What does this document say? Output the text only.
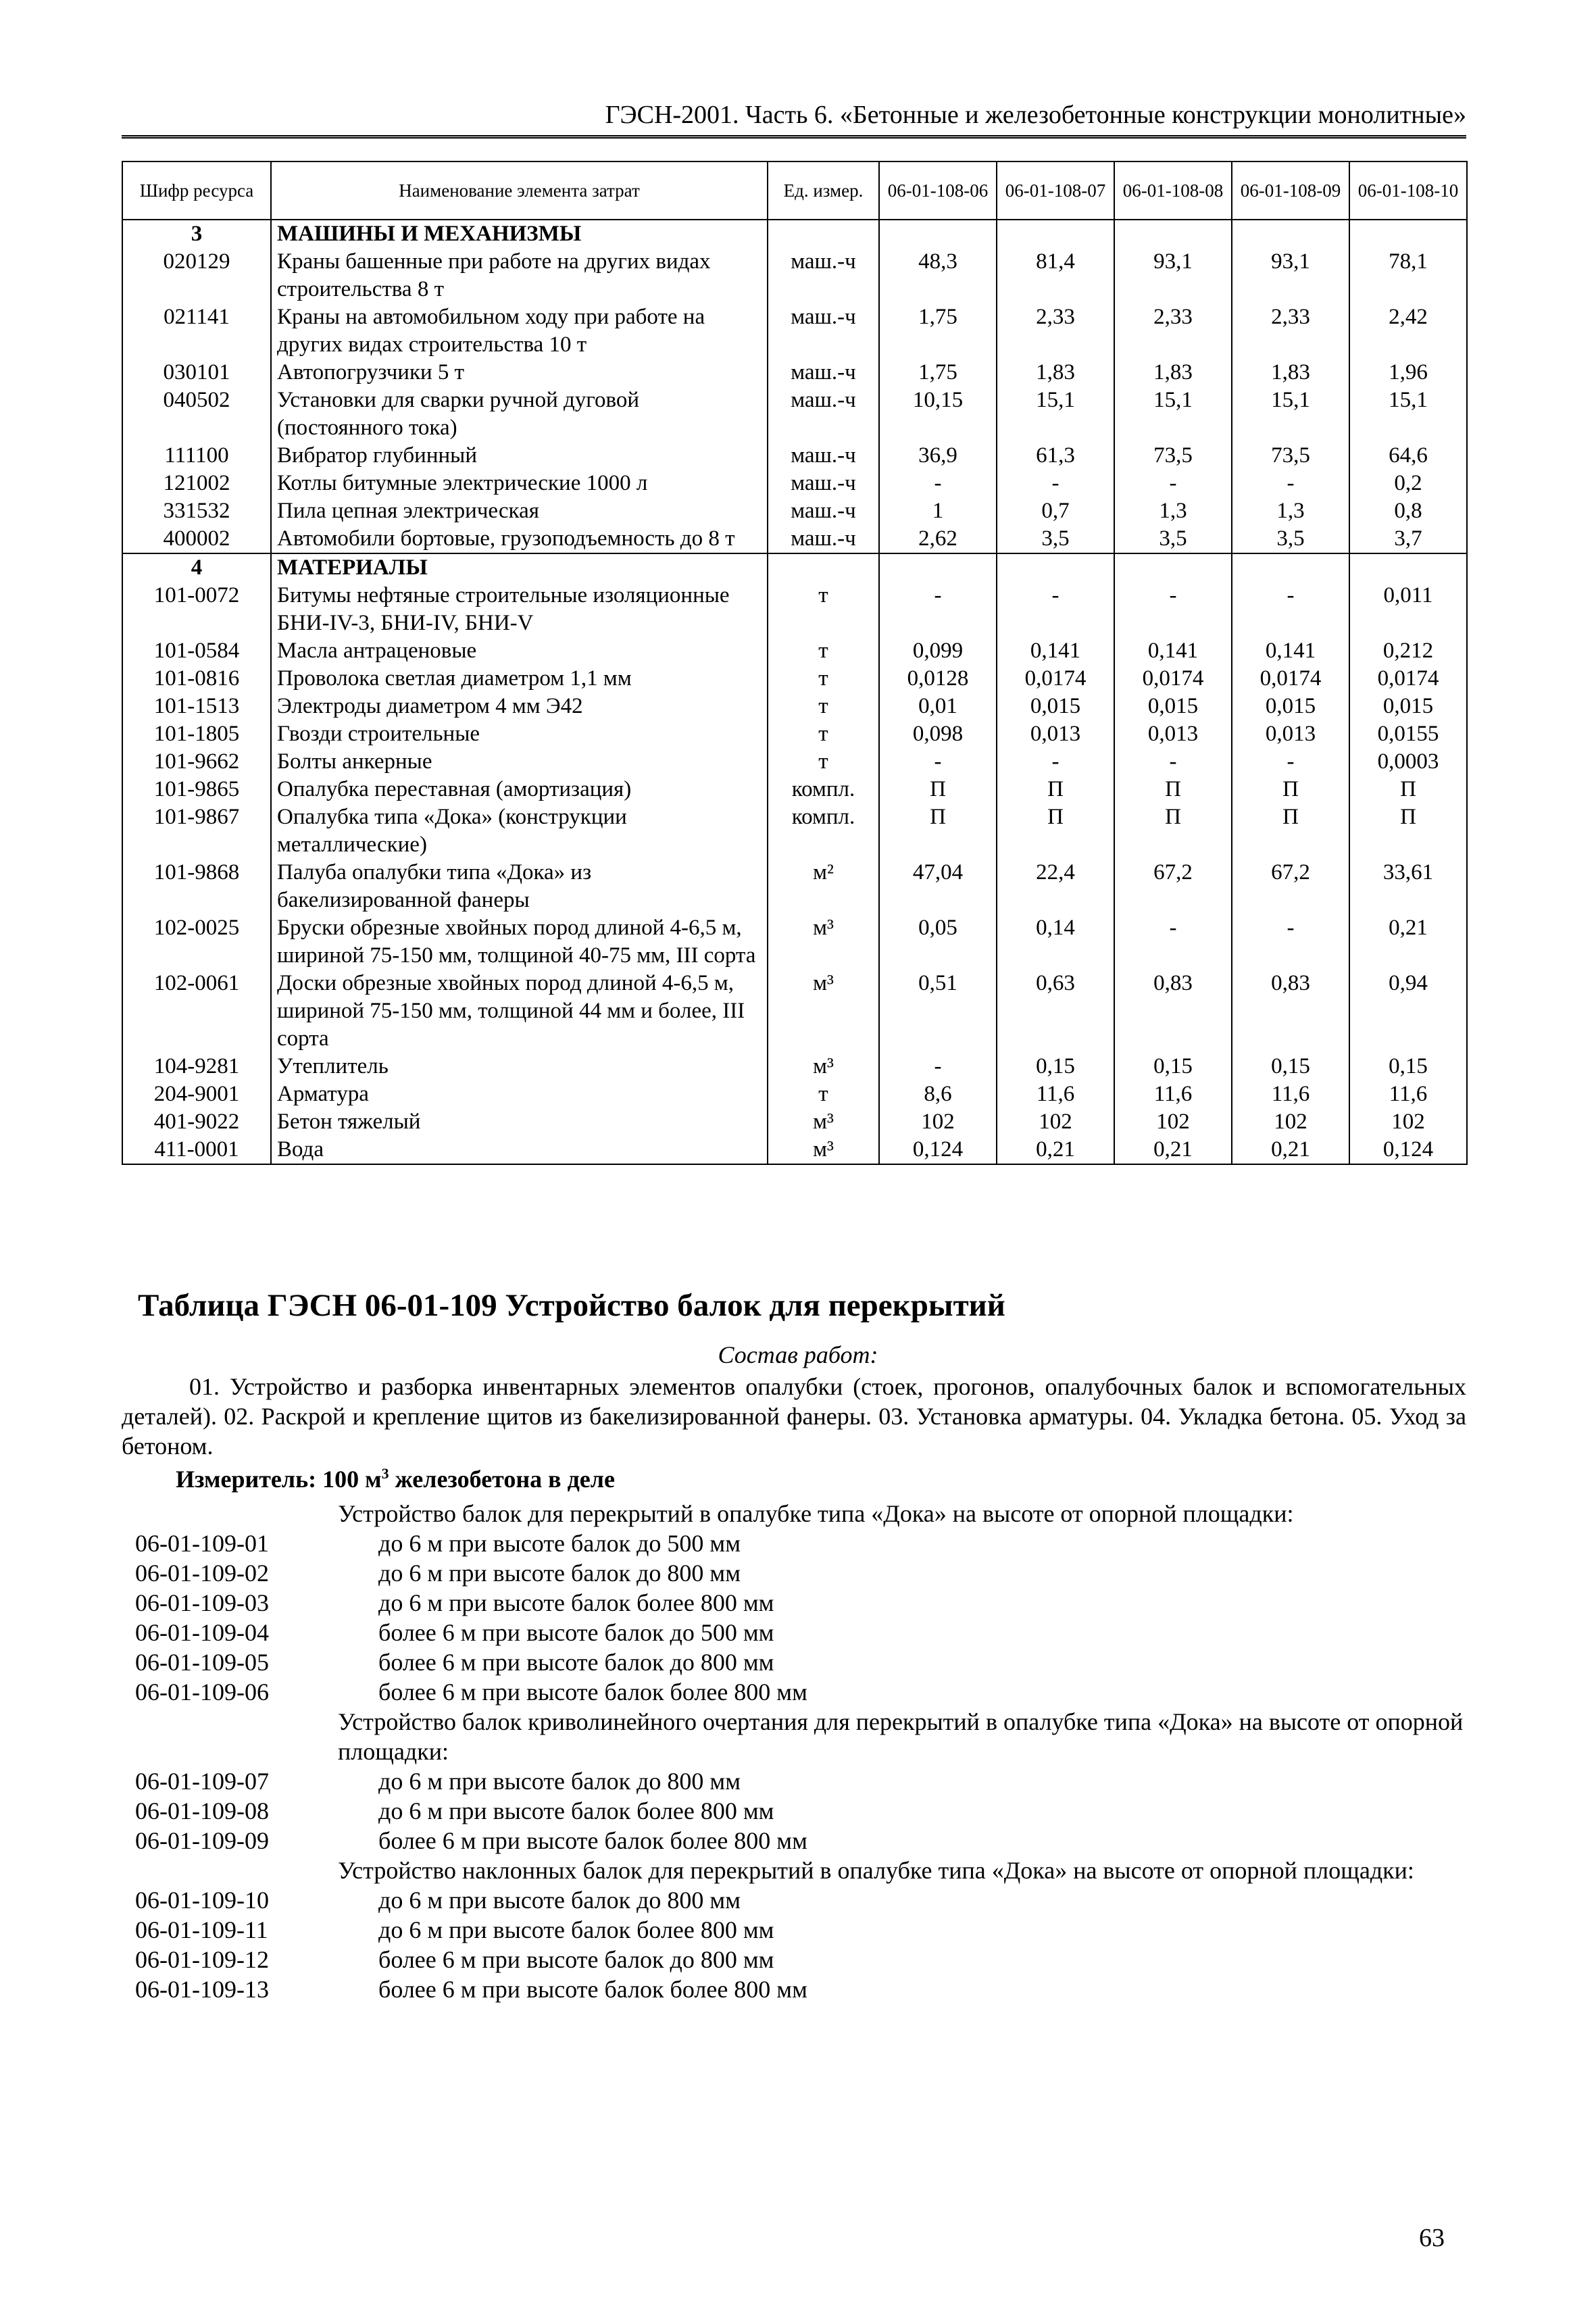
ГЭСН-2001. Часть 6. «Бетонные и железобетонные конструкции монолитные»
Шифр ресурса	Наименование элемента затрат	Ед. измер.	06-01-108-06	06-01-108-07	06-01-108-08	06-01-108-09	06-01-108-10
3	МАШИНЫ И МЕХАНИЗМЫ						
020129	Краны башенные при работе на других видах строительства 8 т	маш.-ч	48,3	81,4	93,1	93,1	78,1
021141	Краны на автомобильном ходу при работе на других видах строительства 10 т	маш.-ч	1,75	2,33	2,33	2,33	2,42
030101	Автопогрузчики 5 т	маш.-ч	1,75	1,83	1,83	1,83	1,96
040502	Установки для сварки ручной дуговой (постоянного тока)	маш.-ч	10,15	15,1	15,1	15,1	15,1
111100	Вибратор глубинный	маш.-ч	36,9	61,3	73,5	73,5	64,6
121002	Котлы битумные электрические 1000 л	маш.-ч	-	-	-	-	0,2
331532	Пила цепная электрическая	маш.-ч	1	0,7	1,3	1,3	0,8
400002	Автомобили бортовые, грузоподъемность до 8 т	маш.-ч	2,62	3,5	3,5	3,5	3,7
4	МАТЕРИАЛЫ						
101-0072	Битумы нефтяные строительные изоляционные БНИ-IV-3, БНИ-IV, БНИ-V	т	-	-	-	-	0,011
101-0584	Масла антраценовые	т	0,099	0,141	0,141	0,141	0,212
101-0816	Проволока светлая диаметром 1,1 мм	т	0,0128	0,0174	0,0174	0,0174	0,0174
101-1513	Электроды диаметром 4 мм Э42	т	0,01	0,015	0,015	0,015	0,015
101-1805	Гвозди строительные	т	0,098	0,013	0,013	0,013	0,0155
101-9662	Болты анкерные	т	-	-	-	-	0,0003
101-9865	Опалубка переставная (амортизация)	компл.	П	П	П	П	П
101-9867	Опалубка типа «Дока» (конструкции металлические)	компл.	П	П	П	П	П
101-9868	Палуба опалубки типа «Дока» из бакелизированной фанеры	м²	47,04	22,4	67,2	67,2	33,61
102-0025	Бруски обрезные хвойных пород длиной 4-6,5 м, шириной 75-150 мм, толщиной 40-75 мм, III сорта	м³	0,05	0,14	-	-	0,21
102-0061	Доски обрезные хвойных пород длиной 4-6,5 м, шириной 75-150 мм, толщиной 44 мм и более, III сорта	м³	0,51	0,63	0,83	0,83	0,94
104-9281	Утеплитель	м³	-	0,15	0,15	0,15	0,15
204-9001	Арматура	т	8,6	11,6	11,6	11,6	11,6
401-9022	Бетон тяжелый	м³	102	102	102	102	102
411-0001	Вода	м³	0,124	0,21	0,21	0,21	0,124
Таблица ГЭСН 06-01-109 Устройство балок для перекрытий
Состав работ:
01. Устройство и разборка инвентарных элементов опалубки (стоек, прогонов, опалубочных балок и вспомогательных деталей). 02. Раскрой и крепление щитов из бакелизированной фанеры. 03. Установка арматуры. 04. Укладка бетона. 05. Уход за бетоном.
Измеритель: 100 $м^3$ железобетона в деле
Устройство балок для перекрытий в опалубке типа «Дока» на высоте от опорной площадки:
06-01-109-01	до 6 м при высоте балок до 500 мм
06-01-109-02	до 6 м при высоте балок до 800 мм
06-01-109-03	до 6 м при высоте балок более 800 мм
06-01-109-04	более 6 м при высоте балок до 500 мм
06-01-109-05	более 6 м при высоте балок до 800 мм
06-01-109-06	более 6 м при высоте балок более 800 мм
Устройство балок криволинейного очертания для перекрытий в опалубке типа «Дока» на высоте от опорной площадки:
06-01-109-07	до 6 м при высоте балок до 800 мм
06-01-109-08	до 6 м при высоте балок более 800 мм
06-01-109-09	более 6 м при высоте балок более 800 мм
Устройство наклонных балок для перекрытий в опалубке типа «Дока» на высоте от опорной площадки:
06-01-109-10	до 6 м при высоте балок до 800 мм
06-01-109-11	до 6 м при высоте балок более 800 мм
06-01-109-12	более 6 м при высоте балок до 800 мм
06-01-109-13	более 6 м при высоте балок более 800 мм
63
